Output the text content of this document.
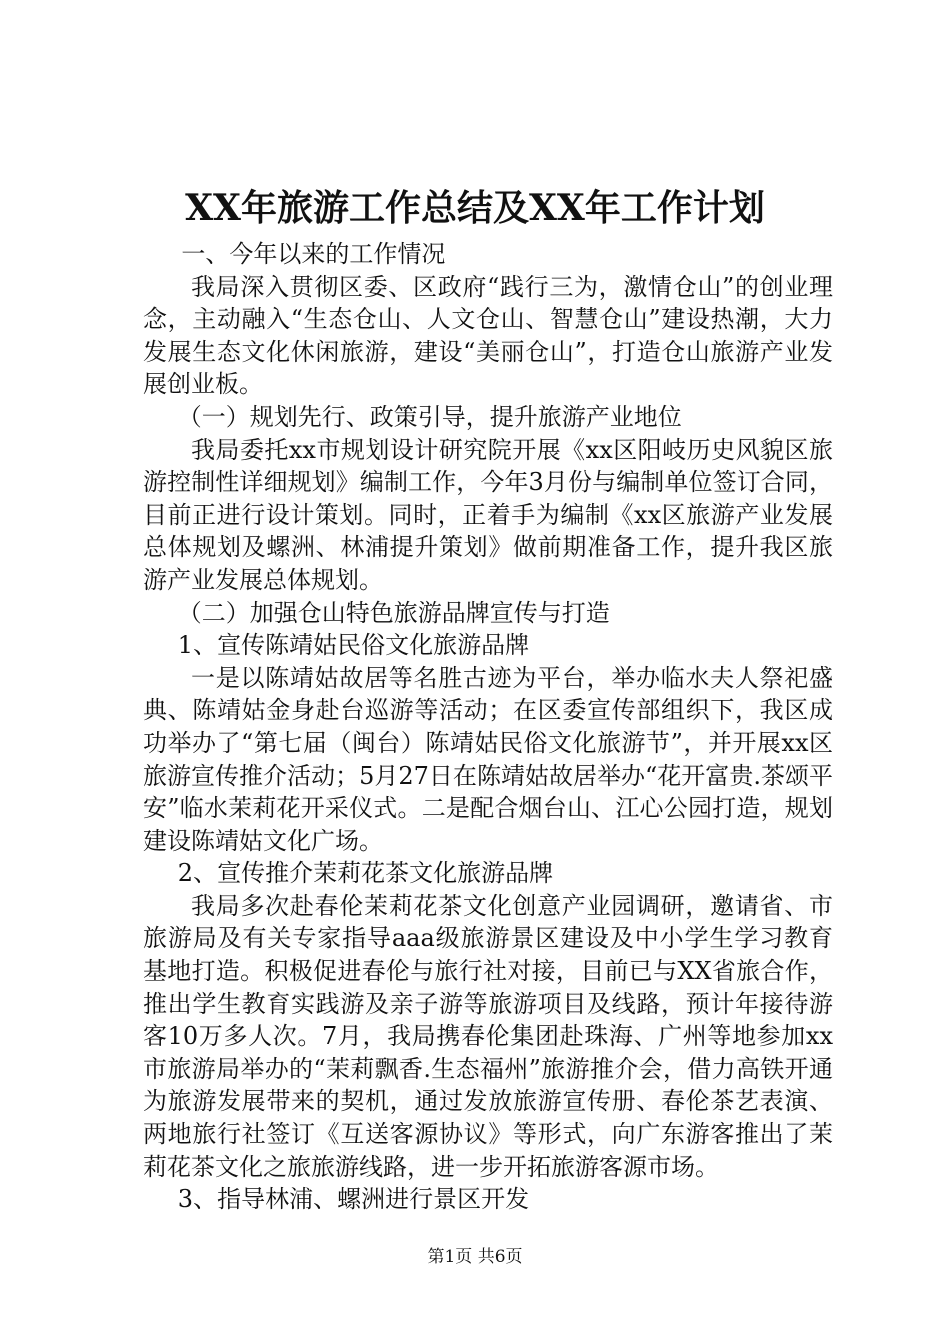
XX年旅游工作总结及XX年工作计划

一、今年以来的工作情况

我局深入贯彻区委、区政府“践行三为，激情仓山”的创业理念，主动融入“生态仓山、人文仓山、智慧仓山”建设热潮，大力发展生态文化休闲旅游，建设“美丽仓山”，打造仓山旅游产业发展创业板。

（一）规划先行、政策引导，提升旅游产业地位

我局委托xx市规划设计研究院开展《xx区阳岐历史风貌区旅游控制性详细规划》编制工作，今年3月份与编制单位签订合同，目前正进行设计策划。同时，正着手为编制《xx区旅游产业发展总体规划及螺洲、林浦提升策划》做前期准备工作，提升我区旅游产业发展总体规划。

（二）加强仓山特色旅游品牌宣传与打造

1、宣传陈靖姑民俗文化旅游品牌

一是以陈靖姑故居等名胜古迹为平台，举办临水夫人祭祀盛典、陈靖姑金身赴台巡游等活动；在区委宣传部组织下，我区成功举办了“第七届（闽台）陈靖姑民俗文化旅游节”，并开展xx区旅游宣传推介活动；5月27日在陈靖姑故居举办“花开富贵.茶颂平安”临水茉莉花开采仪式。二是配合烟台山、江心公园打造，规划建设陈靖姑文化广场。

2、宣传推介茉莉花茶文化旅游品牌

我局多次赴春伦茉莉花茶文化创意产业园调研，邀请省、市旅游局及有关专家指导aaa级旅游景区建设及中小学生学习教育基地打造。积极促进春伦与旅行社对接，目前已与XX省旅合作，推出学生教育实践游及亲子游等旅游项目及线路，预计年接待游客10万多人次。7月，我局携春伦集团赴珠海、广州等地参加xx市旅游局举办的“茉莉飘香.生态福州”旅游推介会，借力高铁开通为旅游发展带来的契机，通过发放旅游宣传册、春伦茶艺表演、两地旅行社签订《互送客源协议》等形式，向广东游客推出了茉莉花茶文化之旅旅游线路，进一步开拓旅游客源市场。

3、指导林浦、螺洲进行景区开发

第1页 共6页
